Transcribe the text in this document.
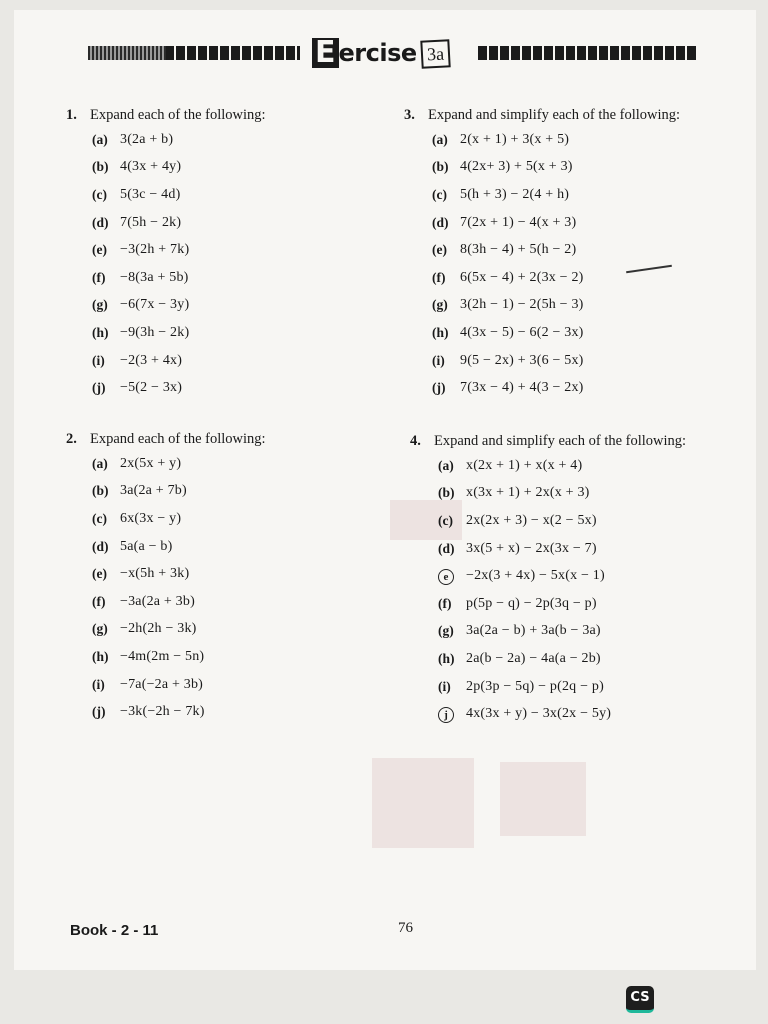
E ercise 3a
1. Expand each of the following:
(a) 3(2a + b)
(b) 4(3x + 4y)
(c) 5(3c − 4d)
(d) 7(5h − 2k)
(e) −3(2h + 7k)
(f)	−8(3a + 5b)
(g) −6(7x − 3y)
(h) −9(3h − 2k)
(i)	−2(3 + 4x)
(j)	−5(2 − 3x)
3. Expand and simplify each of the following:
(a) 2(x + 1) + 3(x + 5)
(b) 4(2x+ 3) + 5(x + 3)
(c) 5(h + 3) − 2(4 + h)
(d) 7(2x + 1) − 4(x + 3)
(e) 8(3h − 4) + 5(h − 2)
(f)	6(5x − 4) + 2(3x − 2)
(g) 3(2h − 1) − 2(5h − 3)
(h) 4(3x − 5) − 6(2 − 3x)
(i)	9(5 − 2x) + 3(6 − 5x)
(j)	7(3x − 4) + 4(3 − 2x)
2. Expand each of the following:
(a) 2x(5x + y)
(b) 3a(2a + 7b)
(c) 6x(3x − y)
(d) 5a(a − b)
(e) −x(5h + 3k)
(f)	−3a(2a + 3b)
(g) −2h(2h − 3k)
(h) −4m(2m − 5n)
(i)	−7a(−2a + 3b)
(j)	−3k(−2h − 7k)
4. Expand and simplify each of the following:
(a) x(2x + 1) + x(x + 4)
(b) x(3x + 1) + 2x(x + 3)
(c) 2x(2x + 3) − x(2 − 5x)
(d) 3x(5 + x) − 2x(3x − 7)
e	−2x(3 + 4x) − 5x(x − 1)
(f)	p(5p − q) − 2p(3q − p)
(g) 3a(2a − b) + 3a(b − 3a)
(h) 2a(b − 2a) − 4a(a − 2b)
(i)	2p(3p − 5q) − p(2q − p)
j	4x(3x + y) − 3x(2x − 5y)
Book - 2 - 11	76
CS
